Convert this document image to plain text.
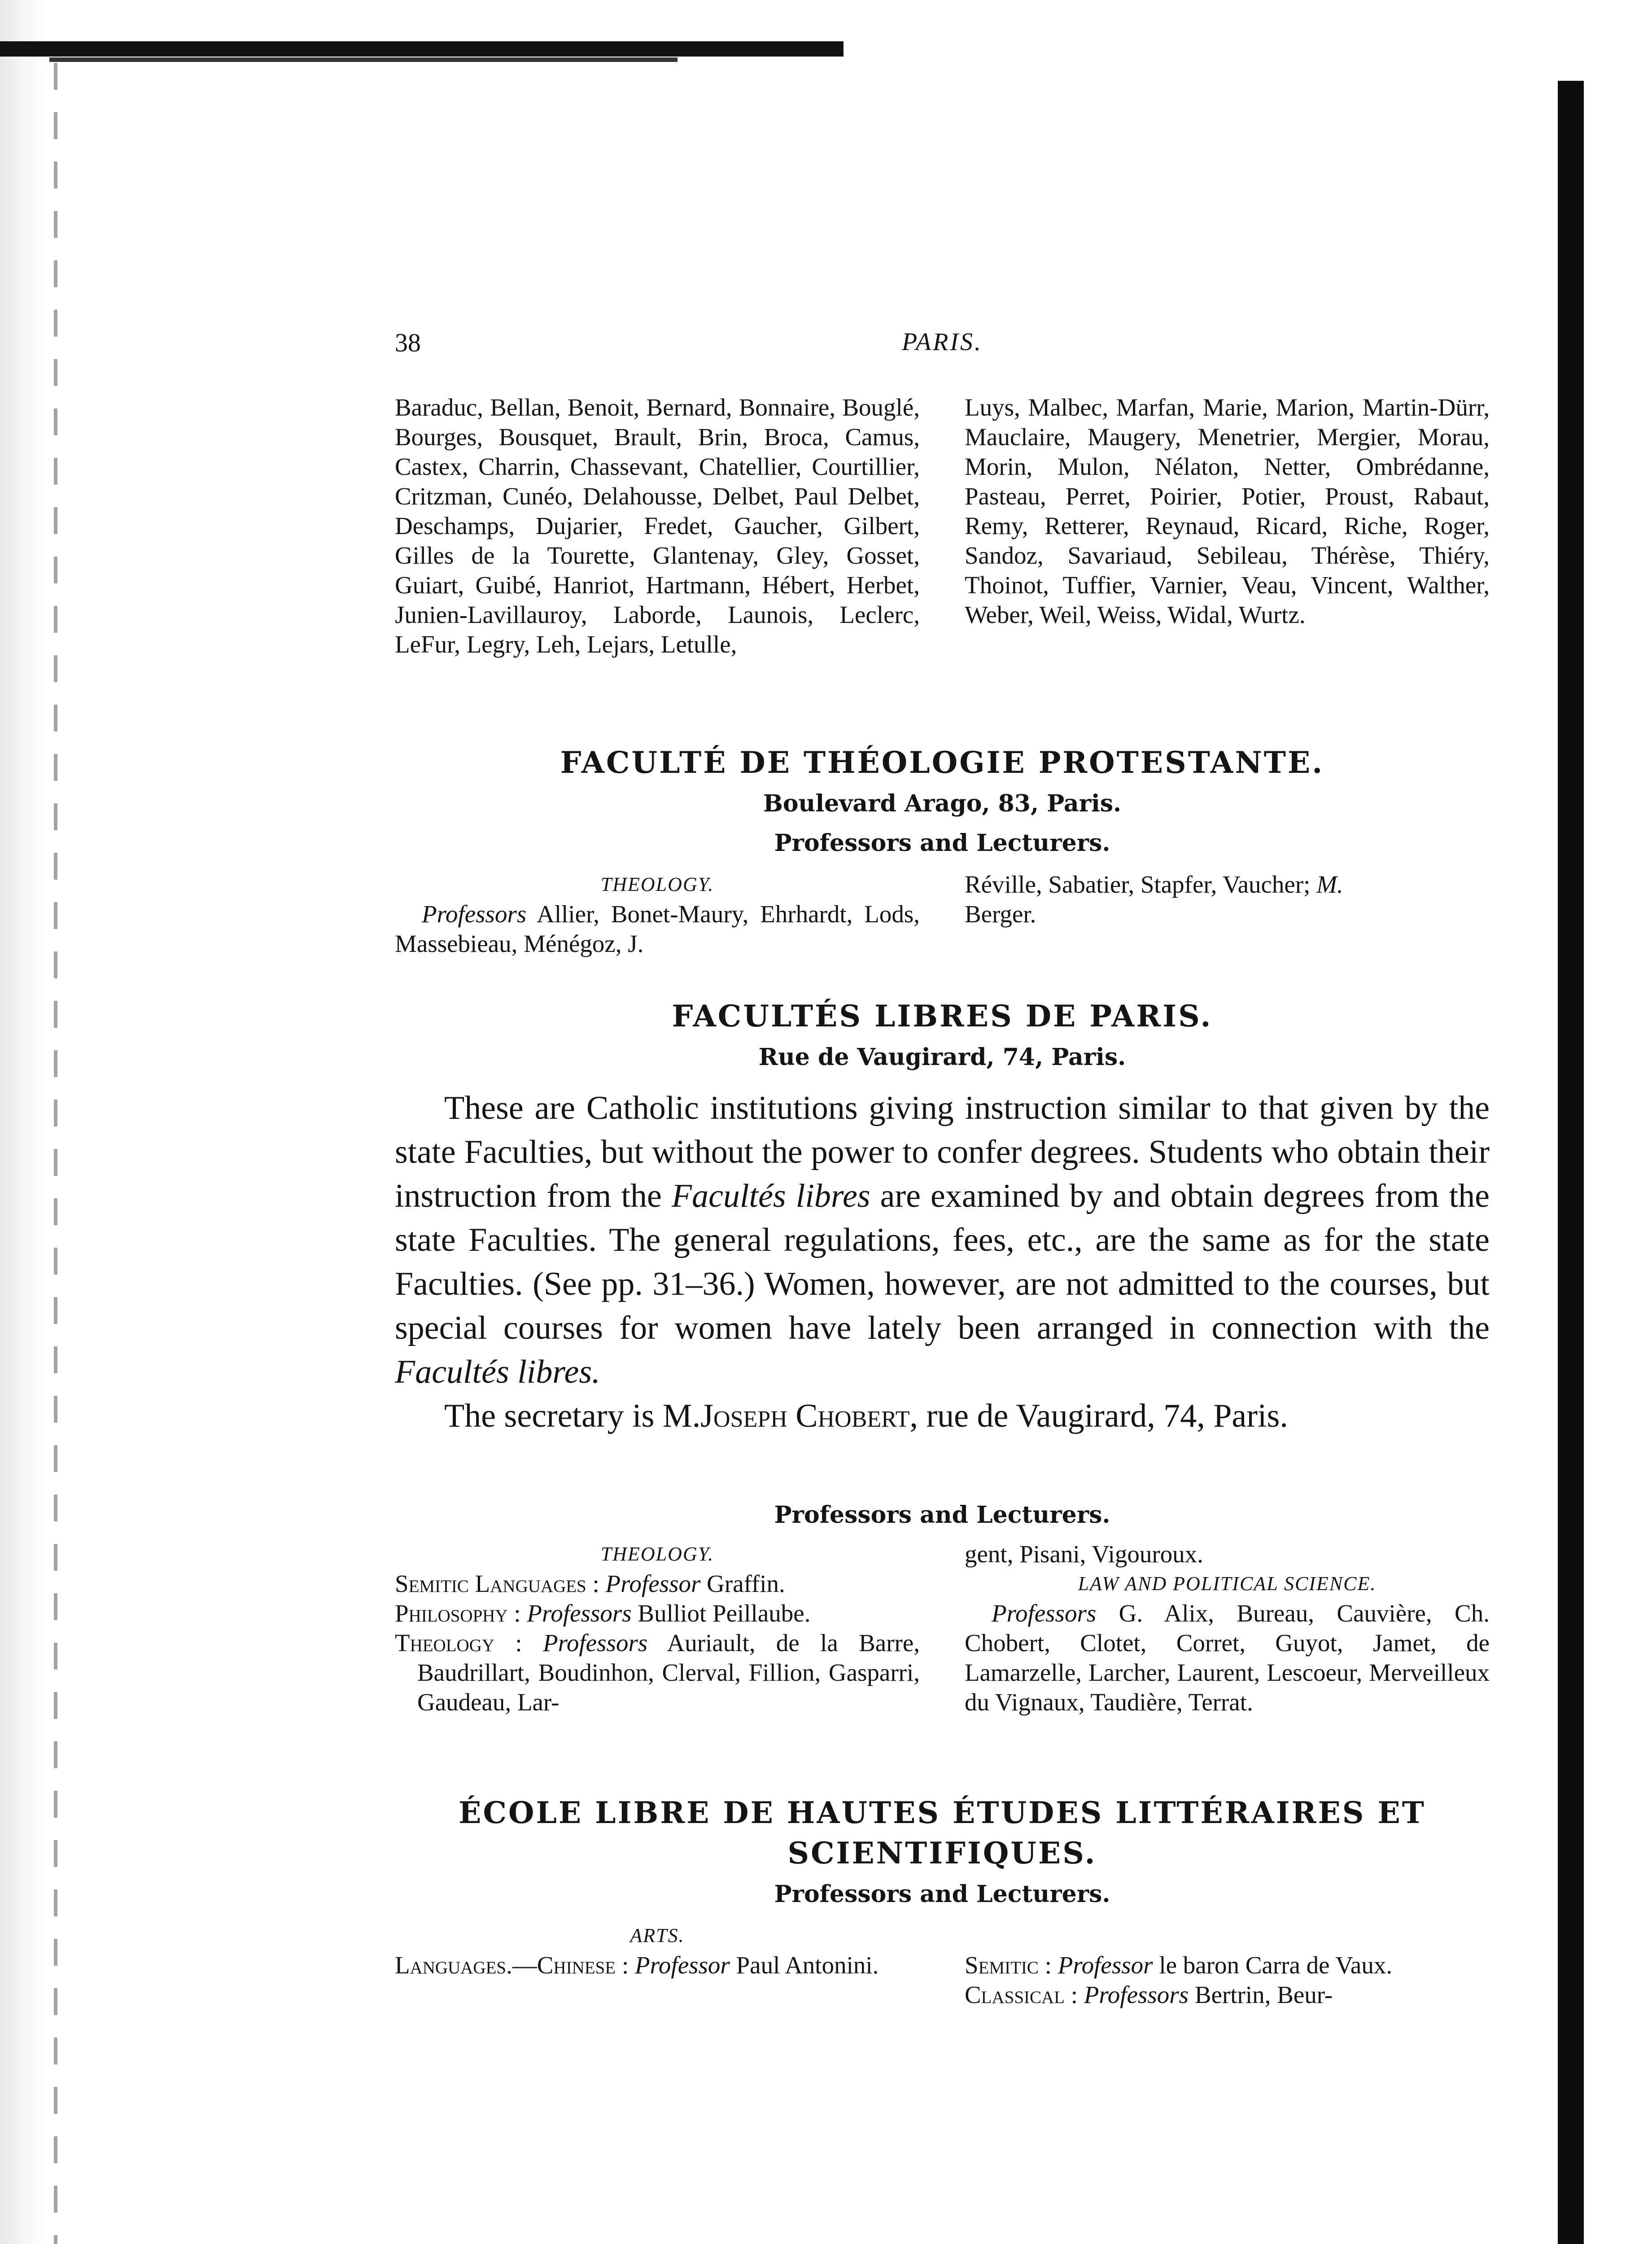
38	PARIS.
Baraduc, Bellan, Benoit, Bernard, Bonnaire, Bouglé, Bourges, Bousquet, Brault, Brin, Broca, Camus, Castex, Charrin, Chassevant, Chatellier, Courtillier, Critzman, Cunéo, Delahousse, Delbet, Paul Delbet, Deschamps, Dujarier, Fredet, Gaucher, Gilbert, Gilles de la Tourette, Glantenay, Gley, Gosset, Guiart, Guibé, Hanriot, Hartmann, Hébert, Herbet, Junien-Lavillauroy, Laborde, Launois, Leclerc, LeFur, Legry, Leh, Lejars, Letulle,
Luys, Malbec, Marfan, Marie, Marion, Martin-Dürr, Mauclaire, Maugery, Menetrier, Mergier, Morau, Morin, Mulon, Nélaton, Netter, Ombrédanne, Pasteau, Perret, Poirier, Potier, Proust, Rabaut, Remy, Retterer, Reynaud, Ricard, Riche, Roger, Sandoz, Savariaud, Sebileau, Thérèse, Thiéry, Thoinot, Tuffier, Varnier, Veau, Vincent, Walther, Weber, Weil, Weiss, Widal, Wurtz.
FACULTÉ DE THÉOLOGIE PROTESTANTE.
Boulevard Arago, 83, Paris.
Professors and Lecturers.
THEOLOGY.
Professors Allier, Bonet-Maury, Ehrhardt, Lods, Massebieau, Ménégoz, J.
Réville, Sabatier, Stapfer, Vaucher; M.
Berger.
FACULTÉS LIBRES DE PARIS.
Rue de Vaugirard, 74, Paris.

These are Catholic institutions giving instruction similar to that given by the state Faculties, but without the power to confer degrees. Students who obtain their instruction from the Facultés libres are examined by and obtain degrees from the state Faculties. The general regulations, fees, etc., are the same as for the state Faculties. (See pp. 31–36.) Women, however, are not admitted to the courses, but special courses for women have lately been arranged in connection with the Facultés libres.

The secretary is M.Joseph Chobert, rue de Vaugirard, 74, Paris.

Professors and Lecturers.
THEOLOGY.
Semitic Languages : Professor Graffin.
Philosophy : Professors Bulliot Peillaube.
Theology : Professors Auriault, de la Barre, Baudrillart, Boudinhon, Clerval, Fillion, Gasparri, Gaudeau, Lar-
gent, Pisani, Vigouroux.
LAW AND POLITICAL SCIENCE.
Professors G. Alix, Bureau, Cauvière, Ch. Chobert, Clotet, Corret, Guyot, Jamet, de Lamarzelle, Larcher, Laurent, Lescoeur, Merveilleux du Vignaux, Taudière, Terrat.
ÉCOLE LIBRE DE HAUTES ÉTUDES LITTÉRAIRES ET
SCIENTIFIQUES.
Professors and Lecturers.
ARTS.
Languages.—Chinese : Professor Paul Antonini.	Semitic : Professor le baron Carra de Vaux.
Classical : Professors Bertrin, Beur-
